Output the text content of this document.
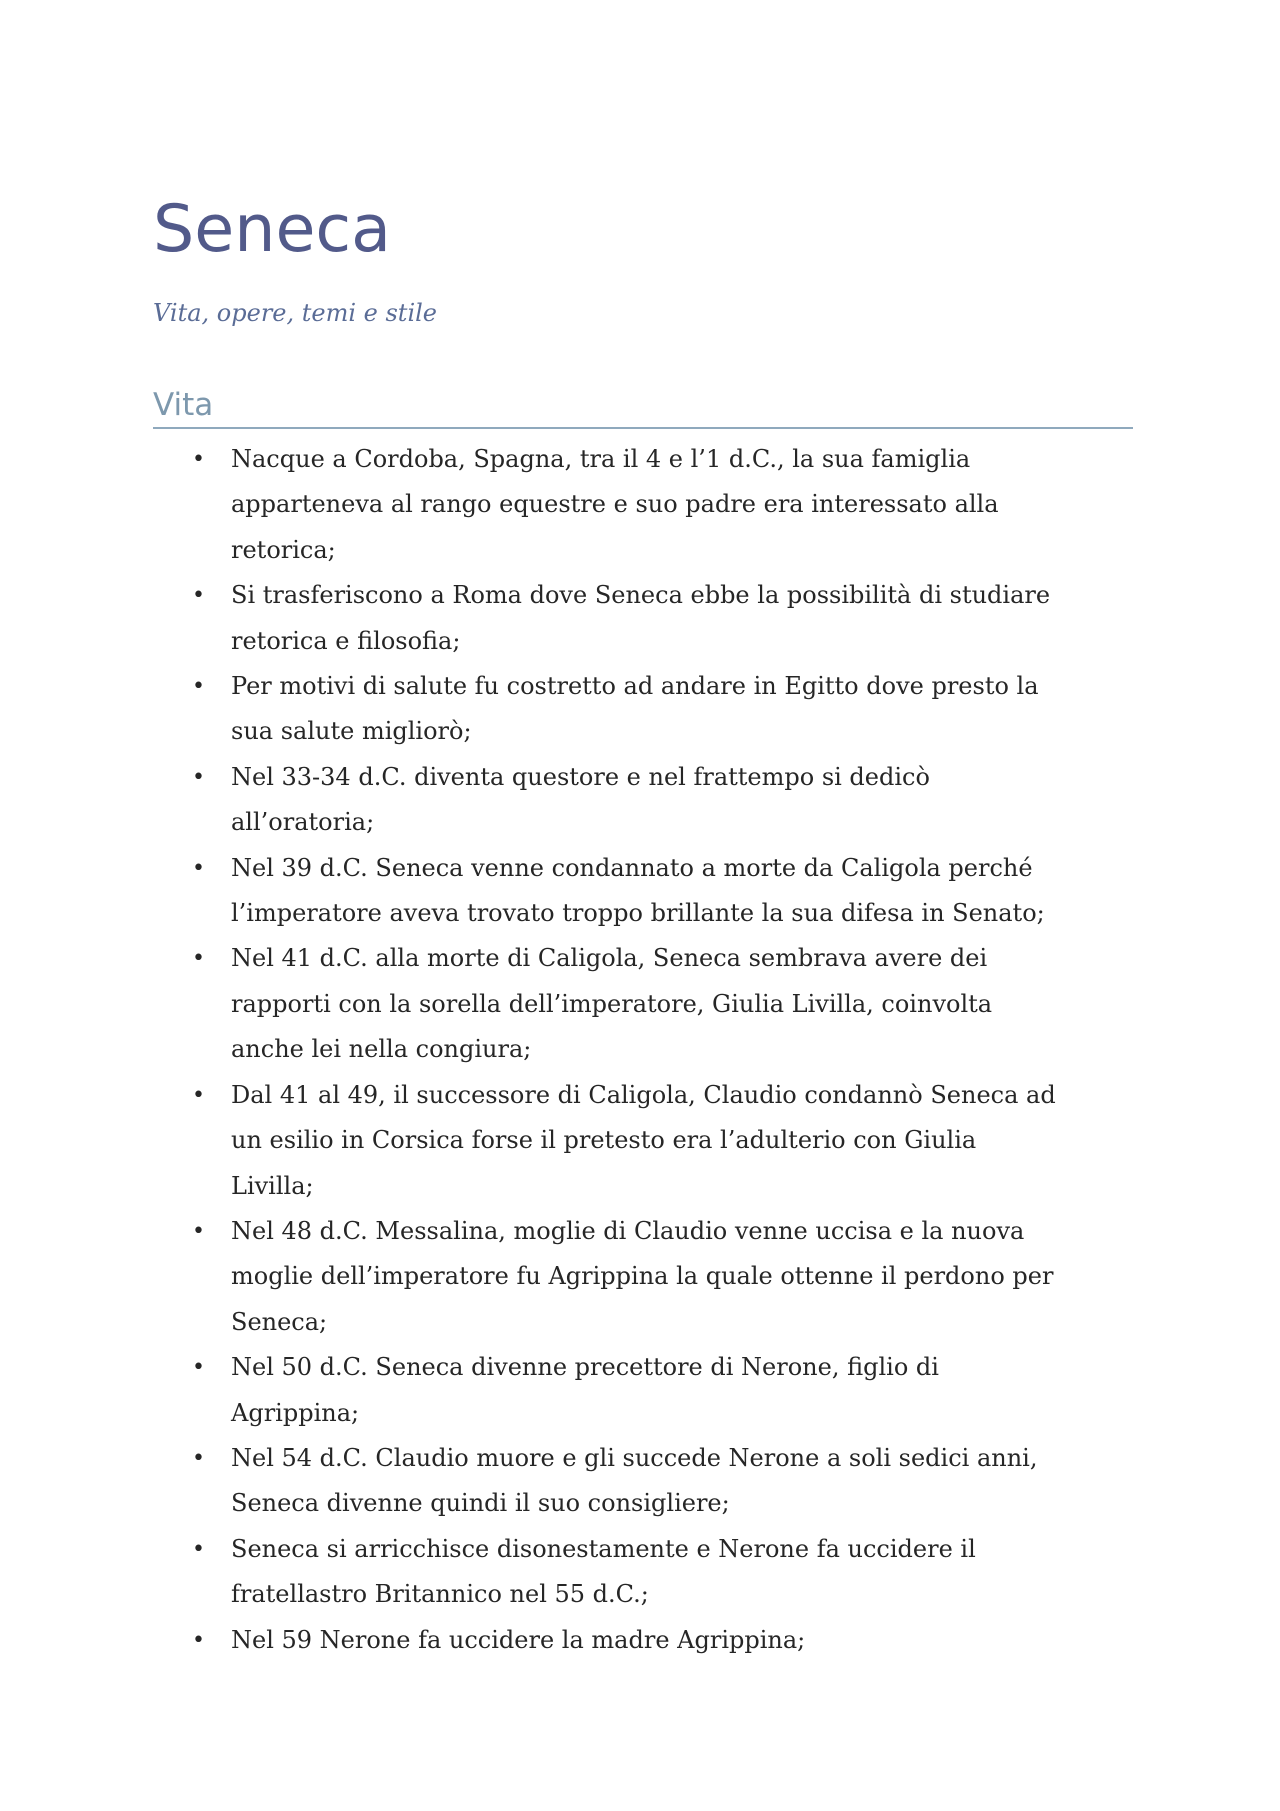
Seneca

Vita, opere, temi e stile

Vita
• Nacque a Cordoba, Spagna, tra il 4 e l’1 d.C., la sua famiglia
apparteneva al rango equestre e suo padre era interessato alla
retorica;
• Si trasferiscono a Roma dove Seneca ebbe la possibilità di studiare
retorica e filosofia;
• Per motivi di salute fu costretto ad andare in Egitto dove presto la
sua salute migliorò;
• Nel 33-34 d.C. diventa questore e nel frattempo si dedicò
all’oratoria;
• Nel 39 d.C. Seneca venne condannato a morte da Caligola perché
l’imperatore aveva trovato troppo brillante la sua difesa in Senato;
• Nel 41 d.C. alla morte di Caligola, Seneca sembrava avere dei
rapporti con la sorella dell’imperatore, Giulia Livilla, coinvolta
anche lei nella congiura;
• Dal 41 al 49, il successore di Caligola, Claudio condannò Seneca ad
un esilio in Corsica forse il pretesto era l’adulterio con Giulia
Livilla;
• Nel 48 d.C. Messalina, moglie di Claudio venne uccisa e la nuova
moglie dell’imperatore fu Agrippina la quale ottenne il perdono per
Seneca;
• Nel 50 d.C. Seneca divenne precettore di Nerone, figlio di
Agrippina;
• Nel 54 d.C. Claudio muore e gli succede Nerone a soli sedici anni,
Seneca divenne quindi il suo consigliere;
• Seneca si arricchisce disonestamente e Nerone fa uccidere il
fratellastro Britannico nel 55 d.C.;
• Nel 59 Nerone fa uccidere la madre Agrippina;
